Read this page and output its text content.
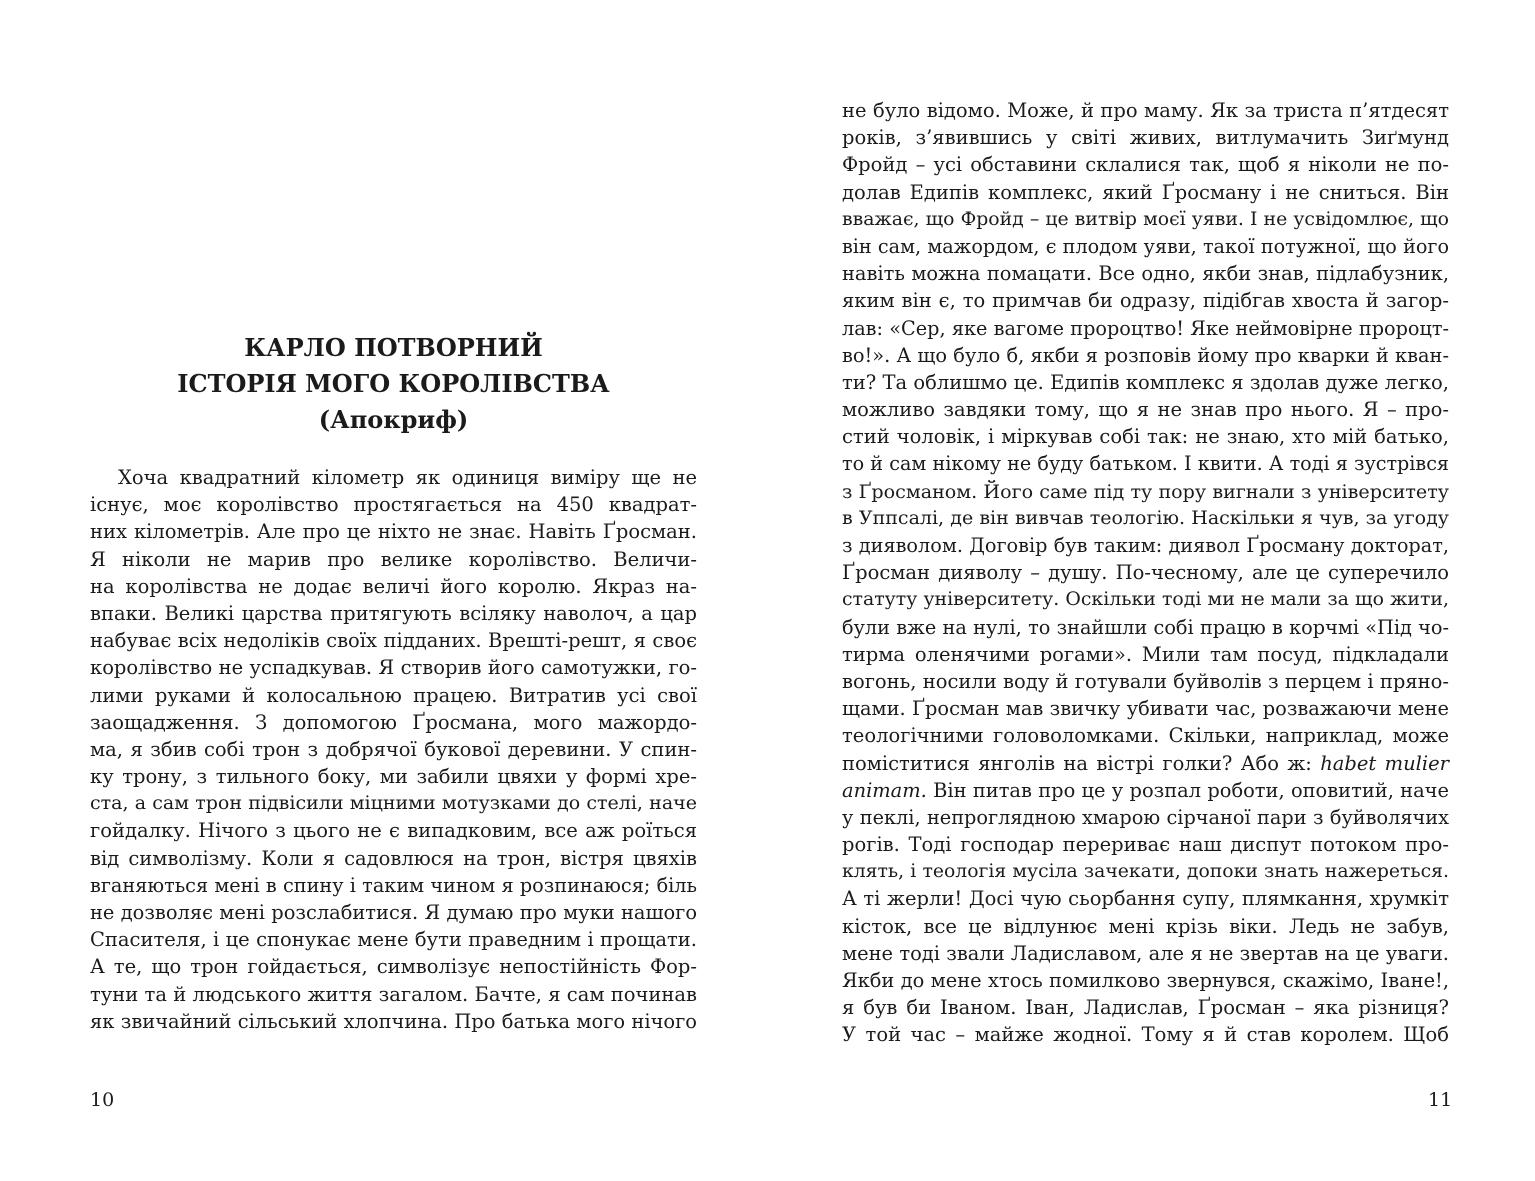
КАРЛО ПОТВОРНИЙ
ІСТОРІЯ МОГО КОРОЛІВСТВА
(Апокриф)
Хоча квадратний кілометр як одиниця виміру ще не
існує, моє королівство простягається на 450 квадрат-
них кілометрів. Але про це ніхто не знає. Навіть Ґросман.
Я ніколи не марив про велике королівство. Величи-
на королівства не додає величі його королю. Якраз на-
впаки. Великі царства притягують всіляку наволоч, а цар
набуває всіх недоліків своїх підданих. Врешті-решт, я своє
королівство не успадкував. Я створив його самотужки, го-
лими руками й колосальною працею. Витратив усі свої
заощадження. З допомогою Ґросмана, мого мажордо-
ма, я збив собі трон з добрячої букової деревини. У спин-
ку трону, з тильного боку, ми забили цвяхи у формі хре-
ста, а сам трон підвісили міцними мотузками до стелі, наче
гойдалку. Нічого з цього не є випадковим, все аж роїться
від символізму. Коли я садовлюся на трон, вістря цвяхів
вганяються мені в спину і таким чином я розпинаюся; біль
не дозволяє мені розслабитися. Я думаю про муки нашого
Спасителя, і це спонукає мене бути праведним і прощати.
А те, що трон гойдається, символізує непостійність Фор-
туни та й людського життя загалом. Бачте, я сам починав
як звичайний сільський хлопчина. Про батька мого нічого
10
не було відомо. Може, й про маму. Як за триста п’ятдесят
років, з’явившись у світі живих, витлумачить Зиґмунд
Фройд – усі обставини склалися так, щоб я ніколи не по-
долав Едипів комплекс, який Ґросману і не сниться. Він
вважає, що Фройд – це витвір моєї уяви. І не усвідомлює, що
він сам, мажордом, є плодом уяви, такої потужної, що його
навіть можна помацати. Все одно, якби знав, підлабузник,
яким він є, то примчав би одразу, підібгав хвоста й загор-
лав: «Сер, яке вагоме пророцтво! Яке неймовірне пророцт-
во!». А що було б, якби я розповів йому про кварки й кван-
ти? Та облишмо це. Едипів комплекс я здолав дуже легко,
можливо завдяки тому, що я не знав про нього. Я – про-
стий чоловік, і міркував собі так: не знаю, хто мій батько,
то й сам нікому не буду батьком. І квити. А тоді я зустрівся
з Ґросманом. Його саме під ту пору вигнали з університету
в Уппсалі, де він вивчав теологію. Наскільки я чув, за угоду
з дияволом. Договір був таким: диявол Ґросману докторат,
Ґросман дияволу – душу. По-чесному, але це суперечило
статуту університету. Оскільки тоді ми не мали за що жити,
були вже на нулі, то знайшли собі працю в корчмі «Під чо-
тирма оленячими рогами». Мили там посуд, підкладали
вогонь, носили воду й готували буйволів з перцем і пряно-
щами. Ґросман мав звичку убивати час, розважаючи мене
теологічними головоломками. Скільки, наприклад, може
поміститися янголів на вістрі голки? Або ж: habet mulier
animam. Він питав про це у розпал роботи, оповитий, наче
у пеклі, непроглядною хмарою сірчаної пари з буйволячих
рогів. Тоді господар перериває наш диспут потоком про-
клять, і теологія мусіла зачекати, допоки знать нажереться.
А ті жерли! Досі чую сьорбання супу, плямкання, хрумкіт
кісток, все це відлунює мені крізь віки. Ледь не забув,
мене тоді звали Ладиславом, але я не звертав на це уваги.
Якби до мене хтось помилково звернувся, скажімо, Іване!,
я був би Іваном. Іван, Ладислав, Ґросман – яка різниця?
У той час – майже жодної. Тому я й став королем. Щоб
11
